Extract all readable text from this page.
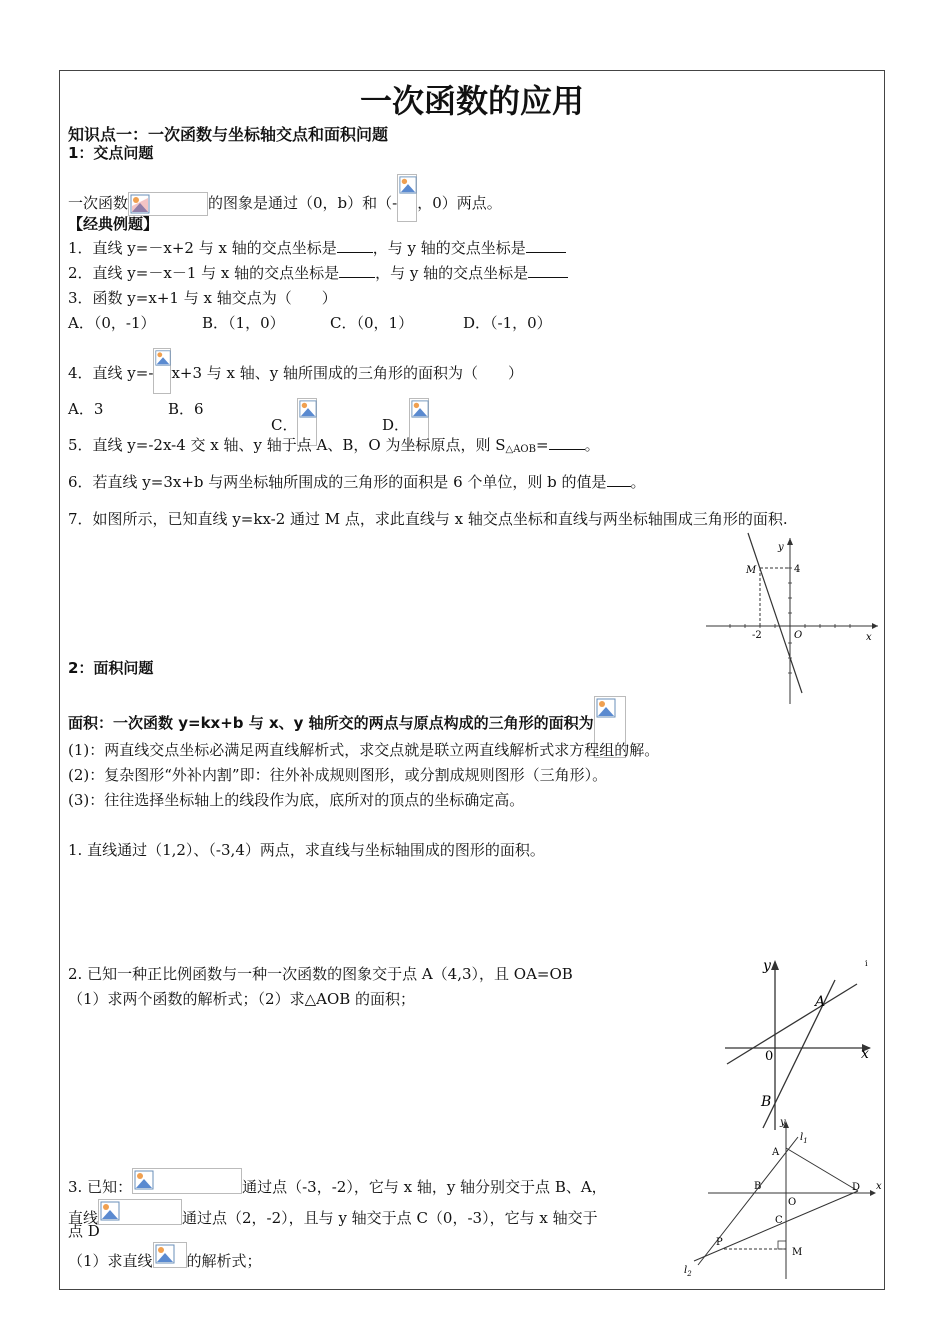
一次函数的应用
知识点一：一次函数与坐标轴交点和面积问题
1：交点问题
一次函数	的图象是通过（0，b）和（- ，0）两点。
【经典例题】
1．直线 y=－x+2 与 x 轴的交点坐标是 ，与 y 轴的交点坐标是
2．直线 y=－x－1 与 x 轴的交点坐标是 ，与 y 轴的交点坐标是
3．函数 y=x+1 与 x 轴交点为（　　）
A．（0，-1）	B．（1，0）	C．（0，1）	D．（-1，0）
4．直线 y=- x+3 与 x 轴、y 轴所围成的三角形的面积为（　　）
A．3	B．6
C．	D．
5．直线 y=-2x-4 交 x 轴、y 轴于点 A、B，O 为坐标原点，则 $S_{\triangle AOB}=$ 。
6．若直线 y=3x+b 与两坐标轴所围成的三角形的面积是 6 个单位，则 b 的值是 。
7．如图所示，已知直线 y=kx-2 通过 M 点，求此直线与 x 轴交点坐标和直线与两坐标轴围成三角形的面积.
y
x
M	4
-2	O
2：面积问题
面积：一次函数 y=kx+b 与 x、y 轴所交的两点与原点构成的三角形的面积为
(1)：两直线交点坐标必满足两直线解析式，求交点就是联立两直线解析式求方程组的解。
(2)：复杂图形“外补内割”即：往外补成规则图形，或分割成规则图形（三角形）。
(3)：往往选择坐标轴上的线段作为底，底所对的顶点的坐标确定高。
1. 直线通过（1,2）、（-3,4）两点，求直线与坐标轴围成的图形的面积。
2. 已知一种正比例函数与一种一次函数的图象交于点 A（4,3），且 OA=OB
（1）求两个函数的解析式；（2）求△AOB 的面积；
y
x
A
0
B
i
3. 已知：	通过点（-3，-2），它与 x 轴，y 轴分别交于点 B、A，
直线	通过点（2，-2），且与 y 轴交于点 C（0，-3），它与 x 轴交于
点 D
（1）求直线 的解析式；
y
x
$l_1$
$l_2$
A
B
O
C
D
P
M
